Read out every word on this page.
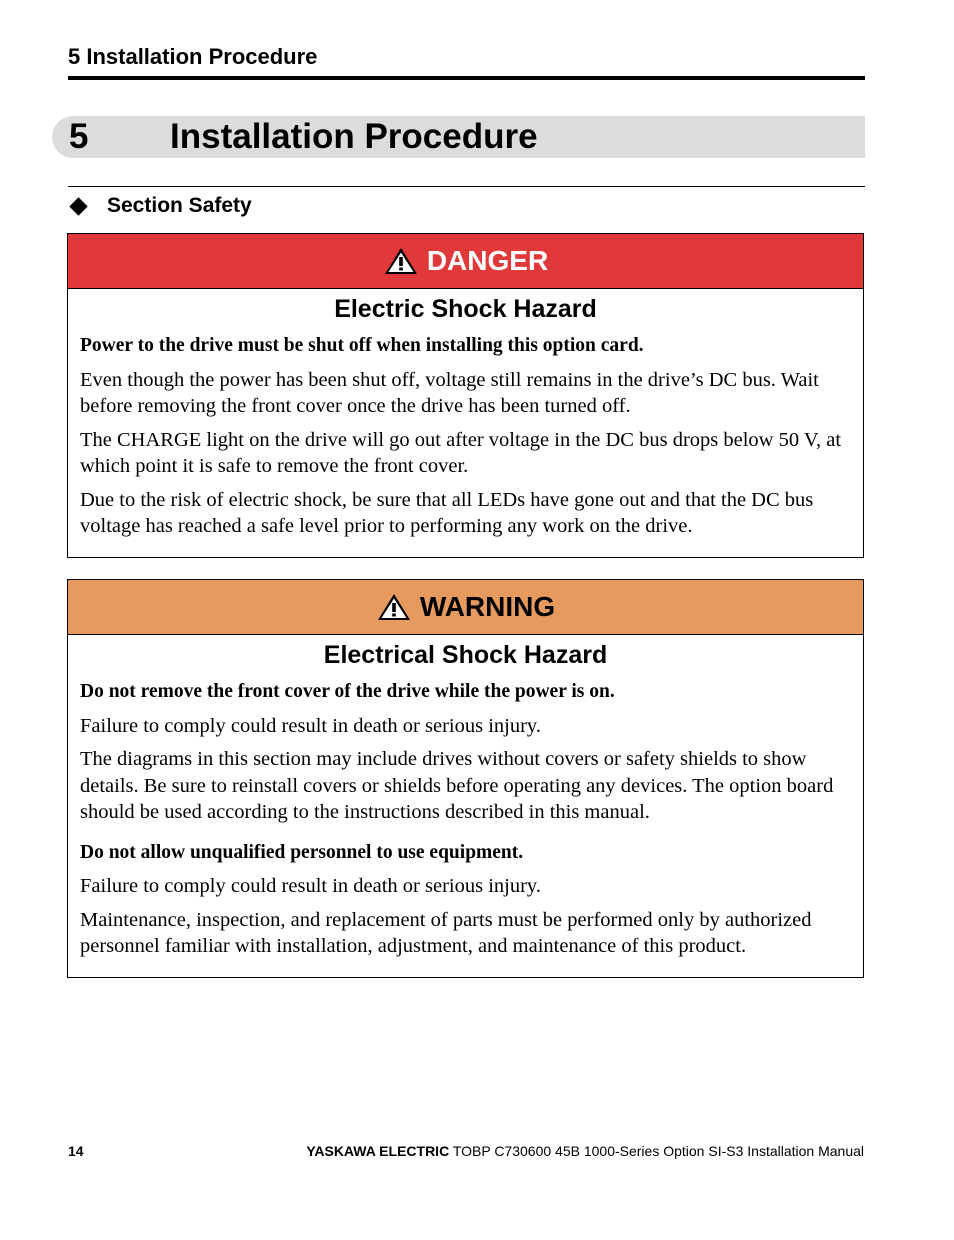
5 Installation Procedure
5 Installation Procedure
Section Safety
DANGER
Electric Shock Hazard

Power to the drive must be shut off when installing this option card.

Even though the power has been shut off, voltage still remains in the drive’s DC bus. Wait before removing the front cover once the drive has been turned off.

The CHARGE light on the drive will go out after voltage in the DC bus drops below 50 V, at which point it is safe to remove the front cover.

Due to the risk of electric shock, be sure that all LEDs have gone out and that the DC bus voltage has reached a safe level prior to performing any work on the drive.

WARNING
Electrical Shock Hazard

Do not remove the front cover of the drive while the power is on.

Failure to comply could result in death or serious injury.

The diagrams in this section may include drives without covers or safety shields to show details. Be sure to reinstall covers or shields before operating any devices. The option board should be used according to the instructions described in this manual.

Do not allow unqualified personnel to use equipment.

Failure to comply could result in death or serious injury.

Maintenance, inspection, and replacement of parts must be performed only by authorized personnel familiar with installation, adjustment, and maintenance of this product.

14	YASKAWA ELECTRIC TOBP C730600 45B 1000-Series Option SI-S3 Installation Manual
